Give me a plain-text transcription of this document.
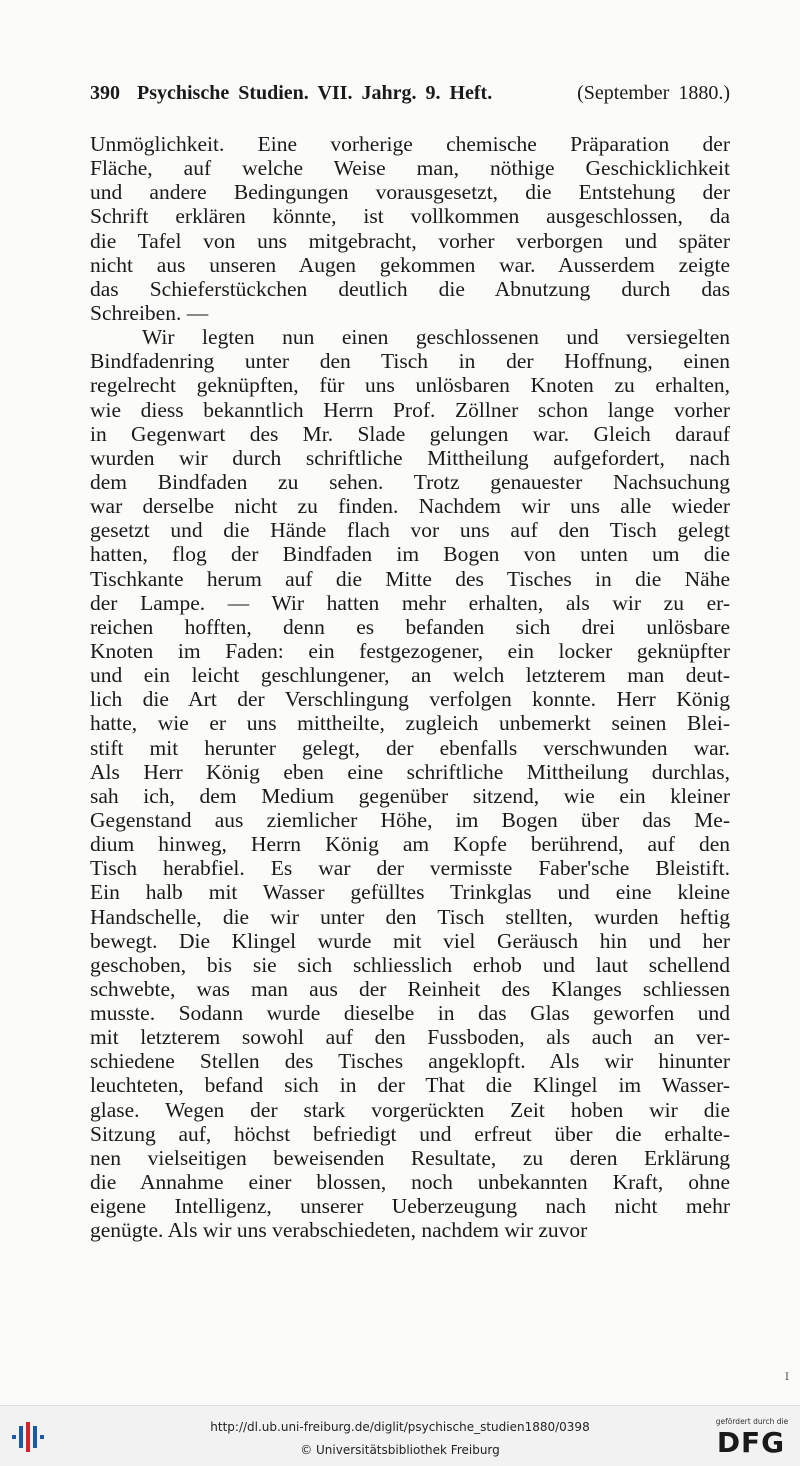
390 Psychische Studien. VII. Jahrg. 9. Heft.	(September 1880.)
Unmöglichkeit. Eine vorherige chemische Präparation der
Fläche, auf welche Weise man, nöthige Geschicklichkeit
und andere Bedingungen vorausgesetzt, die Entstehung der
Schrift erklären könnte, ist vollkommen ausgeschlossen, da
die Tafel von uns mitgebracht, vorher verborgen und später
nicht aus unseren Augen gekommen war. Ausserdem zeigte
das Schieferstückchen deutlich die Abnutzung durch das
Schreiben. —
Wir legten nun einen geschlossenen und versiegelten
Bindfadenring unter den Tisch in der Hoffnung, einen
regelrecht geknüpften, für uns unlösbaren Knoten zu erhalten,
wie diess bekanntlich Herrn Prof. Zöllner schon lange vorher
in Gegenwart des Mr. Slade gelungen war. Gleich darauf
wurden wir durch schriftliche Mittheilung aufgefordert, nach
dem Bindfaden zu sehen. Trotz genauester Nachsuchung
war derselbe nicht zu finden. Nachdem wir uns alle wieder
gesetzt und die Hände flach vor uns auf den Tisch gelegt
hatten, flog der Bindfaden im Bogen von unten um die
Tischkante herum auf die Mitte des Tisches in die Nähe
der Lampe. — Wir hatten mehr erhalten, als wir zu er-
reichen hofften, denn es befanden sich drei unlösbare
Knoten im Faden: ein festgezogener, ein locker geknüpfter
und ein leicht geschlungener, an welch letzterem man deut-
lich die Art der Verschlingung verfolgen konnte. Herr König
hatte, wie er uns mittheilte, zugleich unbemerkt seinen Blei-
stift mit herunter gelegt, der ebenfalls verschwunden war.
Als Herr König eben eine schriftliche Mittheilung durchlas,
sah ich, dem Medium gegenüber sitzend, wie ein kleiner
Gegenstand aus ziemlicher Höhe, im Bogen über das Me-
dium hinweg, Herrn König am Kopfe berührend, auf den
Tisch herabfiel. Es war der vermisste Faber'sche Bleistift.
Ein halb mit Wasser gefülltes Trinkglas und eine kleine
Handschelle, die wir unter den Tisch stellten, wurden heftig
bewegt. Die Klingel wurde mit viel Geräusch hin und her
geschoben, bis sie sich schliesslich erhob und laut schellend
schwebte, was man aus der Reinheit des Klanges schliessen
musste. Sodann wurde dieselbe in das Glas geworfen und
mit letzterem sowohl auf den Fussboden, als auch an ver-
schiedene Stellen des Tisches angeklopft. Als wir hinunter
leuchteten, befand sich in der That die Klingel im Wasser-
glase. Wegen der stark vorgerückten Zeit hoben wir die
Sitzung auf, höchst befriedigt und erfreut über die erhalte-
nen vielseitigen beweisenden Resultate, zu deren Erklärung
die Annahme einer blossen, noch unbekannten Kraft, ohne
eigene Intelligenz, unserer Ueberzeugung nach nicht mehr
genügte. Als wir uns verabschiedeten, nachdem wir zuvor
I
http://dl.ub.uni-freiburg.de/diglit/psychische_studien1880/0398
© Universitätsbibliothek Freiburg
gefördert durch die
DFG
